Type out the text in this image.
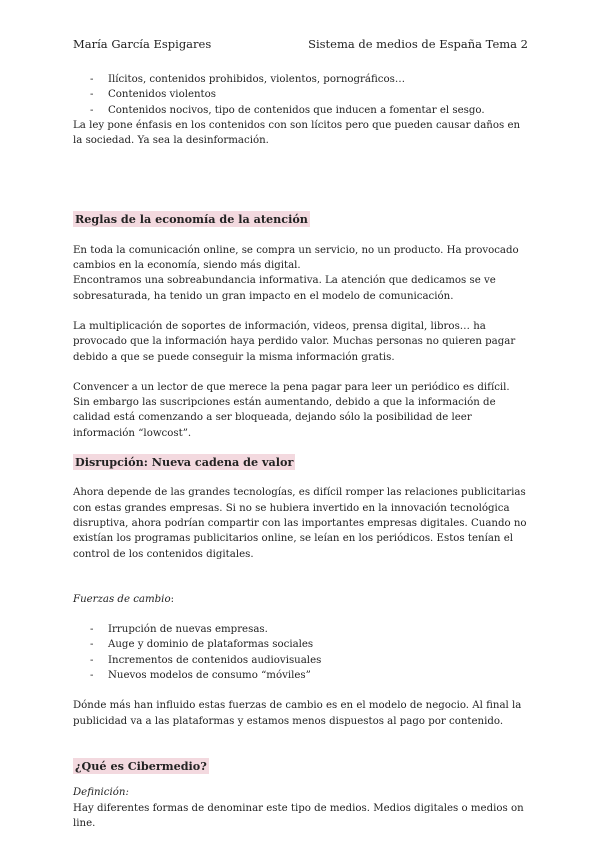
María García Espigares	Sistema de medios de España Tema 2
- Ilícitos, contenidos prohibidos, violentos, pornográficos…
- Contenidos violentos
- Contenidos nocivos, tipo de contenidos que inducen a fomentar el sesgo.

La ley pone énfasis en los contenidos con son lícitos pero que pueden causar daños en la sociedad. Ya sea la desinformación.

Reglas de la economía de la atención

En toda la comunicación online, se compra un servicio, no un producto. Ha provocado cambios en la economía, siendo más digital.

Encontramos una sobreabundancia informativa. La atención que dedicamos se ve sobresaturada, ha tenido un gran impacto en el modelo de comunicación.

La multiplicación de soportes de información, videos, prensa digital, libros… ha provocado que la información haya perdido valor. Muchas personas no quieren pagar debido a que se puede conseguir la misma información gratis.

Convencer a un lector de que merece la pena pagar para leer un periódico es difícil. Sin embargo las suscripciones están aumentando, debido a que la información de calidad está comenzando a ser bloqueada, dejando sólo la posibilidad de leer información “lowcost”.

Disrupción: Nueva cadena de valor

Ahora depende de las grandes tecnologías, es difícil romper las relaciones publicitarias con estas grandes empresas. Si no se hubiera invertido en la innovación tecnológica disruptiva, ahora podrían compartir con las importantes empresas digitales. Cuando no existían los programas publicitarios online, se leían en los periódicos. Estos tenían el control de los contenidos digitales.

Fuerzas de cambio:

- Irrupción de nuevas empresas.
- Auge y dominio de plataformas sociales
- Incrementos de contenidos audiovisuales
- Nuevos modelos de consumo “móviles”

Dónde más han influido estas fuerzas de cambio es en el modelo de negocio. Al final la publicidad va a las plataformas y estamos menos dispuestos al pago por contenido.

¿Qué es Cibermedio?

Definición:

Hay diferentes formas de denominar este tipo de medios. Medios digitales o medios on line.
